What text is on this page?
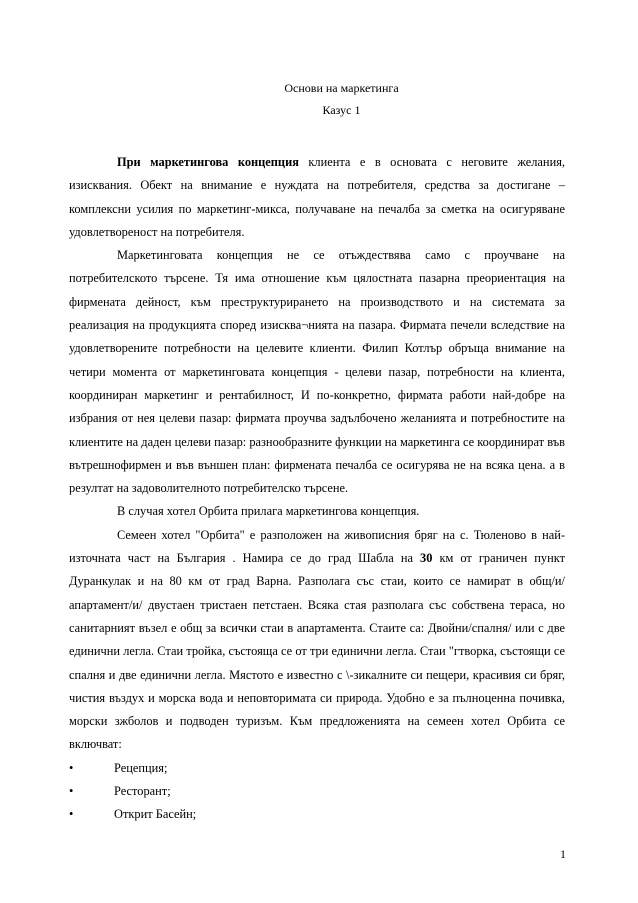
Основи на маркетинга
Казус 1

При маркетингова концепция клиента е в основата с неговите желания, изисквания. Обект на внимание е нуждата на потребителя, средства за достигане – комплексни усилия по маркетинг-микса, получаване на печалба за сметка на осигуряване удовлетвореност на потребителя.

Маркетинговата концепция не се отъждествява само с проучване на потребителското търсене. Тя има отношение към цялостната пазарна преориентация на фирмената дейност, към преструктурирането на производството и на системата за реализация на продукцията според изисква¬нията на пазара. Фирмата печели вследствие на удовлетворените потребности на целевите клиенти. Филип Котлър обръща внимание на четири момента от маркетинговата концепция - целеви пазар, потребности на клиента, координиран маркетинг и рентабилност, И по-конкретно, фирмата работи най-добре на избрания от нея целеви пазар: фирмата проучва задълбочено желанията и потребностите на клиентите на даден целеви пазар: разнообразните функции на маркетинга се координират във вътрешнофирмен и във външен план: фирмената печалба се осигурява не на всяка цена. а в резултат на задоволителното потребителско търсене.

В случая хотел Орбита прилага маркетингова концепция.

Семеен хотел "Орбита" е разположен на живописния бряг на с. Тюленово в най-източната част на България . Намира се до град Шабла на 30 км от граничен пункт Дуранкулак и на 80 км от град Варна. Разполага със стаи, които се намират в общ/и/ апартамент/и/ двустаен тристаен петстаен. Всяка стая разполага със собствена тераса, но санитарният възел е общ за всички стаи в апартамента. Стаите са: Двойни/спалня/ или с две единични легла. Стаи тройка, състояща се от три единични легла. Стаи "гтворка, състоящи се спалня и две единични легла. Мястото е известно с \-зикалните си пещери, красивия си бряг, чистия въздух и морска вода и неповторимата си природа. Удобно е за пълноценна почивка, морски зжболов и подводен туризъм. Към предложенията на семеен хотел Орбита се включват:

•	Рецепция;
•	Ресторант;
•	Открит Басейн;
1
